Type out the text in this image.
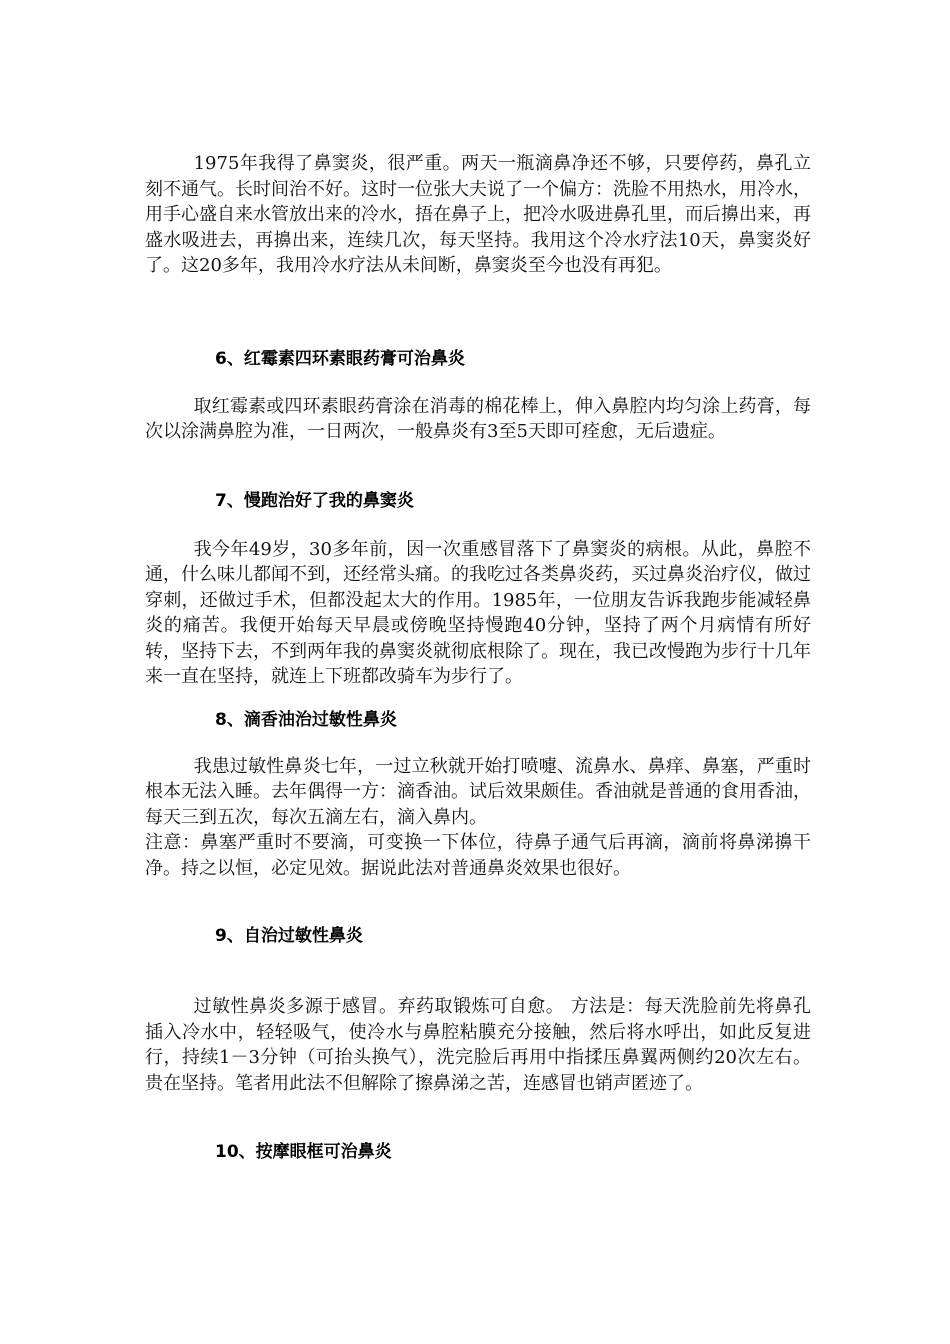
1975年我得了鼻窦炎，很严重。两天一瓶滴鼻净还不够，只要停药，鼻孔立刻不通气。长时间治不好。这时一位张大夫说了一个偏方：洗脸不用热水，用冷水，用手心盛自来水管放出来的冷水，捂在鼻子上，把冷水吸进鼻孔里，而后擤出来，再盛水吸进去，再擤出来，连续几次，每天坚持。我用这个冷水疗法10天，鼻窦炎好了。这20多年，我用冷水疗法从未间断，鼻窦炎至今也没有再犯。

6、红霉素四环素眼药膏可治鼻炎

取红霉素或四环素眼药膏涂在消毒的棉花棒上，伸入鼻腔内均匀涂上药膏，每次以涂满鼻腔为准，一日两次，一般鼻炎有3至5天即可痊愈，无后遗症。

7、慢跑治好了我的鼻窦炎

我今年49岁，30多年前，因一次重感冒落下了鼻窦炎的病根。从此，鼻腔不通，什么味儿都闻不到，还经常头痛。的我吃过各类鼻炎药，买过鼻炎治疗仪，做过穿刺，还做过手术，但都没起太大的作用。1985年，一位朋友告诉我跑步能减轻鼻炎的痛苦。我便开始每天早晨或傍晚坚持慢跑40分钟，坚持了两个月病情有所好转，坚持下去，不到两年我的鼻窦炎就彻底根除了。现在，我已改慢跑为步行十几年来一直在坚持，就连上下班都改骑车为步行了。

8、滴香油治过敏性鼻炎

我患过敏性鼻炎七年，一过立秋就开始打喷嚏、流鼻水、鼻痒、鼻塞，严重时根本无法入睡。去年偶得一方：滴香油。试后效果颇佳。香油就是普通的食用香油，每天三到五次，每次五滴左右，滴入鼻内。

注意：鼻塞严重时不要滴，可变换一下体位，待鼻子通气后再滴，滴前将鼻涕擤干净。持之以恒，必定见效。据说此法对普通鼻炎效果也很好。

9、自治过敏性鼻炎

过敏性鼻炎多源于感冒。弃药取锻炼可自愈。 方法是：每天洗脸前先将鼻孔插入冷水中，轻轻吸气，使冷水与鼻腔粘膜充分接触，然后将水呼出，如此反复进行，持续1－3分钟（可抬头换气），洗完脸后再用中指揉压鼻翼两侧约20次左右。贵在坚持。笔者用此法不但解除了擦鼻涕之苦，连感冒也销声匿迹了。

10、按摩眼框可治鼻炎
